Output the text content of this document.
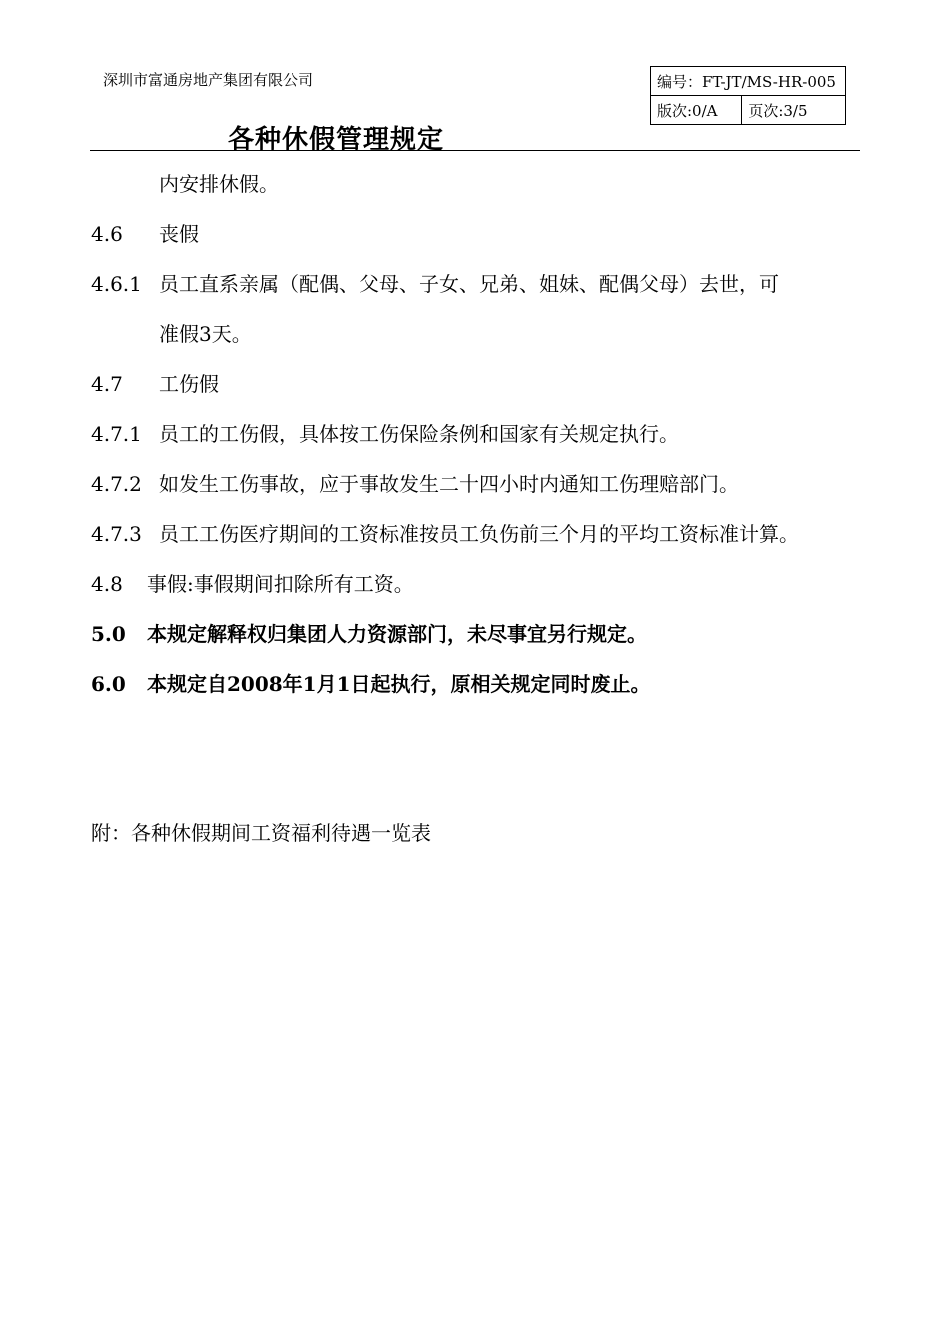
深圳市富通房地产集团有限公司	编号：FT-JT/MS-HR-005
版次:0/A	页次:3/5
各种休假管理规定
内安排休假。
4.6 丧假
4.6.1 员工直系亲属（配偶、父母、子女、兄弟、姐妹、配偶父母）去世，可
准假3天。
4.7 工伤假
4.7.1 员工的工伤假，具体按工伤保险条例和国家有关规定执行。
4.7.2 如发生工伤事故，应于事故发生二十四小时内通知工伤理赔部门。
4.7.3 员工工伤医疗期间的工资标准按员工负伤前三个月的平均工资标准计算。
4.8 事假:事假期间扣除所有工资。
5.0 本规定解释权归集团人力资源部门，未尽事宜另行规定。
6.0 本规定自2008年1月1日起执行，原相关规定同时废止。
附：各种休假期间工资福利待遇一览表
